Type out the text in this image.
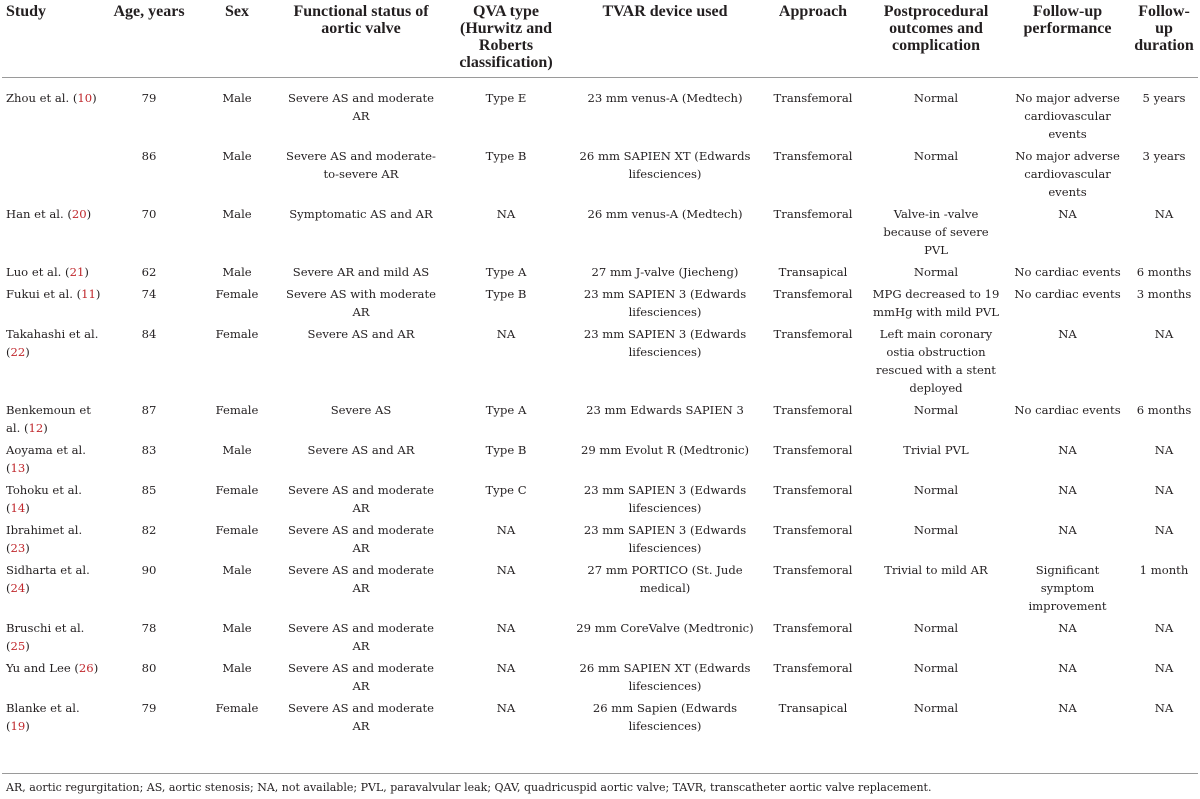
Study	Age, years	Sex	Functional status of aortic valve	QVA type (Hurwitz and Roberts classification)	TVAR device used	Approach	Postprocedural outcomes and complication	Follow-up performance	Follow-up duration
Zhou et al. (10)	79	Male	Severe AS and moderate AR	Type E	23 mm venus-A (Medtech)	Transfemoral	Normal	No major adverse cardiovascular events	5 years
	86	Male	Severe AS and moderate-to-severe AR	Type B	26 mm SAPIEN XT (Edwards lifesciences)	Transfemoral	Normal	No major adverse cardiovascular events	3 years
Han et al. (20)	70	Male	Symptomatic AS and AR	NA	26 mm venus-A (Medtech)	Transfemoral	Valve-in -valve because of severe PVL	NA	NA
Luo et al. (21)	62	Male	Severe AR and mild AS	Type A	27 mm J-valve (Jiecheng)	Transapical	Normal	No cardiac events	6 months
Fukui et al. (11)	74	Female	Severe AS with moderate AR	Type B	23 mm SAPIEN 3 (Edwards lifesciences)	Transfemoral	MPG decreased to 19 mmHg with mild PVL	No cardiac events	3 months
Takahashi et al. (22)	84	Female	Severe AS and AR	NA	23 mm SAPIEN 3 (Edwards lifesciences)	Transfemoral	Left main coronary ostia obstruction rescued with a stent deployed	NA	NA
Benkemoun et al. (12)	87	Female	Severe AS	Type A	23 mm Edwards SAPIEN 3	Transfemoral	Normal	No cardiac events	6 months
Aoyama et al. (13)	83	Male	Severe AS and AR	Type B	29 mm Evolut R (Medtronic)	Transfemoral	Trivial PVL	NA	NA
Tohoku et al. (14)	85	Female	Severe AS and moderate AR	Type C	23 mm SAPIEN 3 (Edwards lifesciences)	Transfemoral	Normal	NA	NA
Ibrahimet al. (23)	82	Female	Severe AS and moderate AR	NA	23 mm SAPIEN 3 (Edwards lifesciences)	Transfemoral	Normal	NA	NA
Sidharta et al. (24)	90	Male	Severe AS and moderate AR	NA	27 mm PORTICO (St. Jude medical)	Transfemoral	Trivial to mild AR	Significant symptom improvement	1 month
Bruschi et al. (25)	78	Male	Severe AS and moderate AR	NA	29 mm CoreValve (Medtronic)	Transfemoral	Normal	NA	NA
Yu and Lee (26)	80	Male	Severe AS and moderate AR	NA	26 mm SAPIEN XT (Edwards lifesciences)	Transfemoral	Normal	NA	NA
Blanke et al. (19)	79	Female	Severe AS and moderate AR	NA	26 mm Sapien (Edwards lifesciences)	Transapical	Normal	NA	NA
AR, aortic regurgitation; AS, aortic stenosis; NA, not available; PVL, paravalvular leak; QAV, quadricuspid aortic valve; TAVR, transcatheter aortic valve replacement.
